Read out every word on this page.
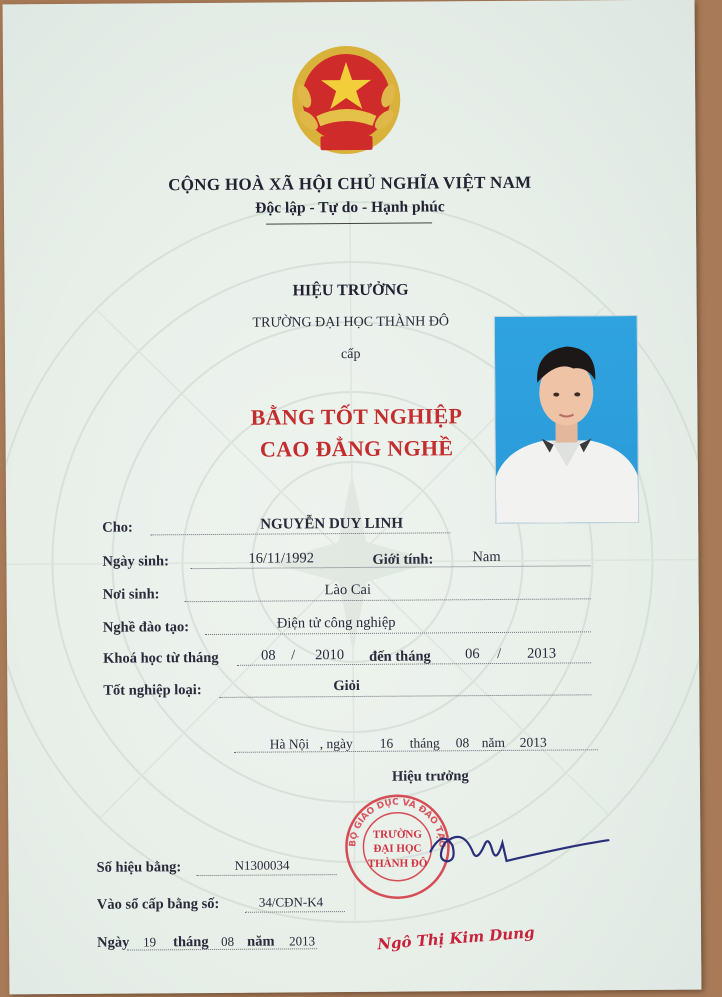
CỘNG HOÀ XÃ HỘI CHỦ NGHĨA VIỆT NAM
Độc lập - Tự do - Hạnh phúc
HIỆU TRƯỞNG
TRƯỜNG ĐẠI HỌC THÀNH ĐÔ
cấp
BẰNG TỐT NGHIỆP
CAO ĐẲNG NGHỀ
Cho:	NGUYỄN DUY LINH
Ngày sinh:	16/11/1992	Giới tính:	Nam
Nơi sinh:	Lào Cai
Nghề đào tạo:	Điện tử công nghiệp
Khoá học từ tháng	08 / 2010 đến tháng 06 / 2013
Tốt nghiệp loại:	Giỏi
Hà Nội , ngày 16 tháng 08 năm 2013
Hiệu trưởng
BỘ GIÁO DỤC VÀ ĐÀO TẠO
TRƯỜNG
ĐẠI HỌC
THÀNH ĐÔ
Ngô Thị Kim Dung
Số hiệu bằng:	N1300034
Vào sổ cấp bằng số:	34/CĐN-K4
Ngày 19 tháng 08 năm 2013
